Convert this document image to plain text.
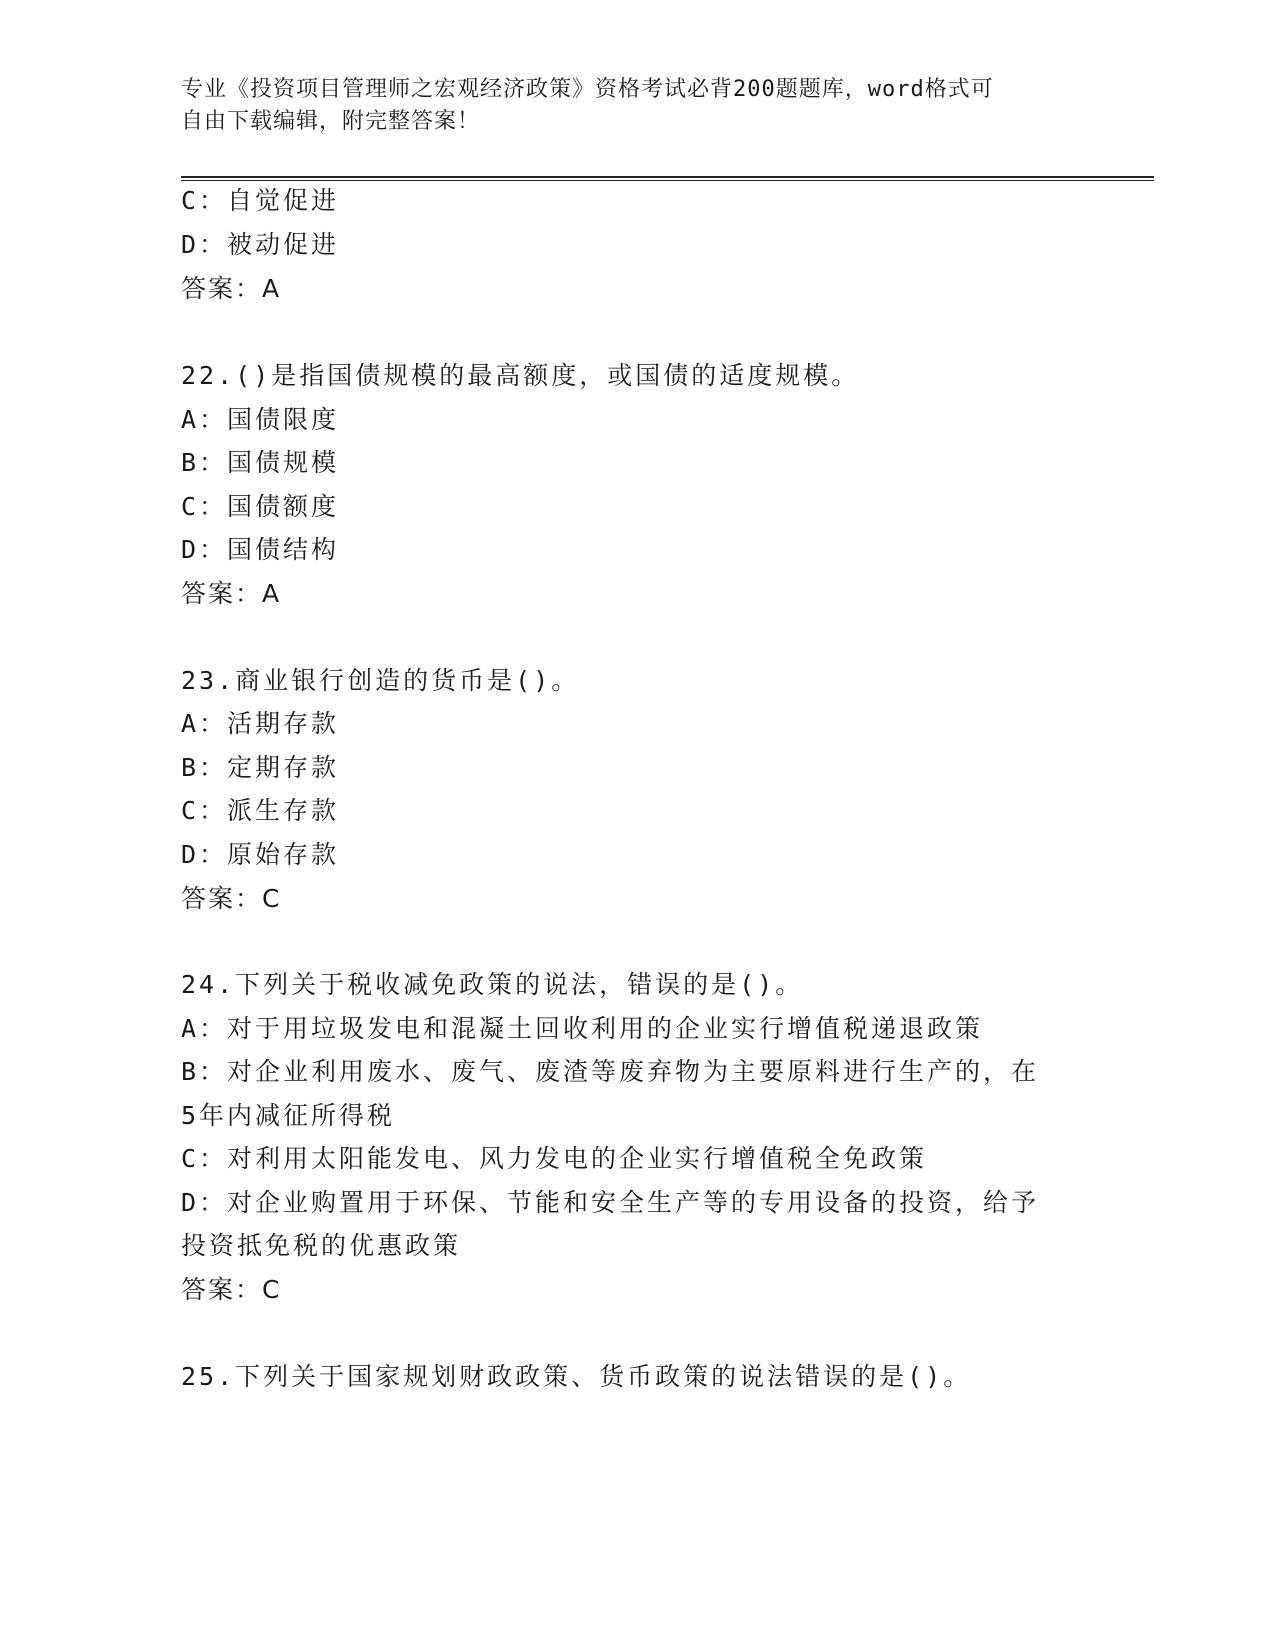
专业《投资项目管理师之宏观经济政策》资格考试必背200题题库，word格式可
自由下载编辑，附完整答案！
C：自觉促进
D：被动促进
答案：A
22.()是指国债规模的最高额度，或国债的适度规模。
A：国债限度
B：国债规模
C：国债额度
D：国债结构
答案：A
23.商业银行创造的货币是()。
A：活期存款
B：定期存款
C：派生存款
D：原始存款
答案：C
24.下列关于税收减免政策的说法，错误的是()。
A：对于用垃圾发电和混凝土回收利用的企业实行增值税递退政策
B：对企业利用废水、废气、废渣等废弃物为主要原料进行生产的，在
5年内减征所得税
C：对利用太阳能发电、风力发电的企业实行增值税全免政策
D：对企业购置用于环保、节能和安全生产等的专用设备的投资，给予
投资抵免税的优惠政策
答案：C
25.下列关于国家规划财政政策、货币政策的说法错误的是()。
